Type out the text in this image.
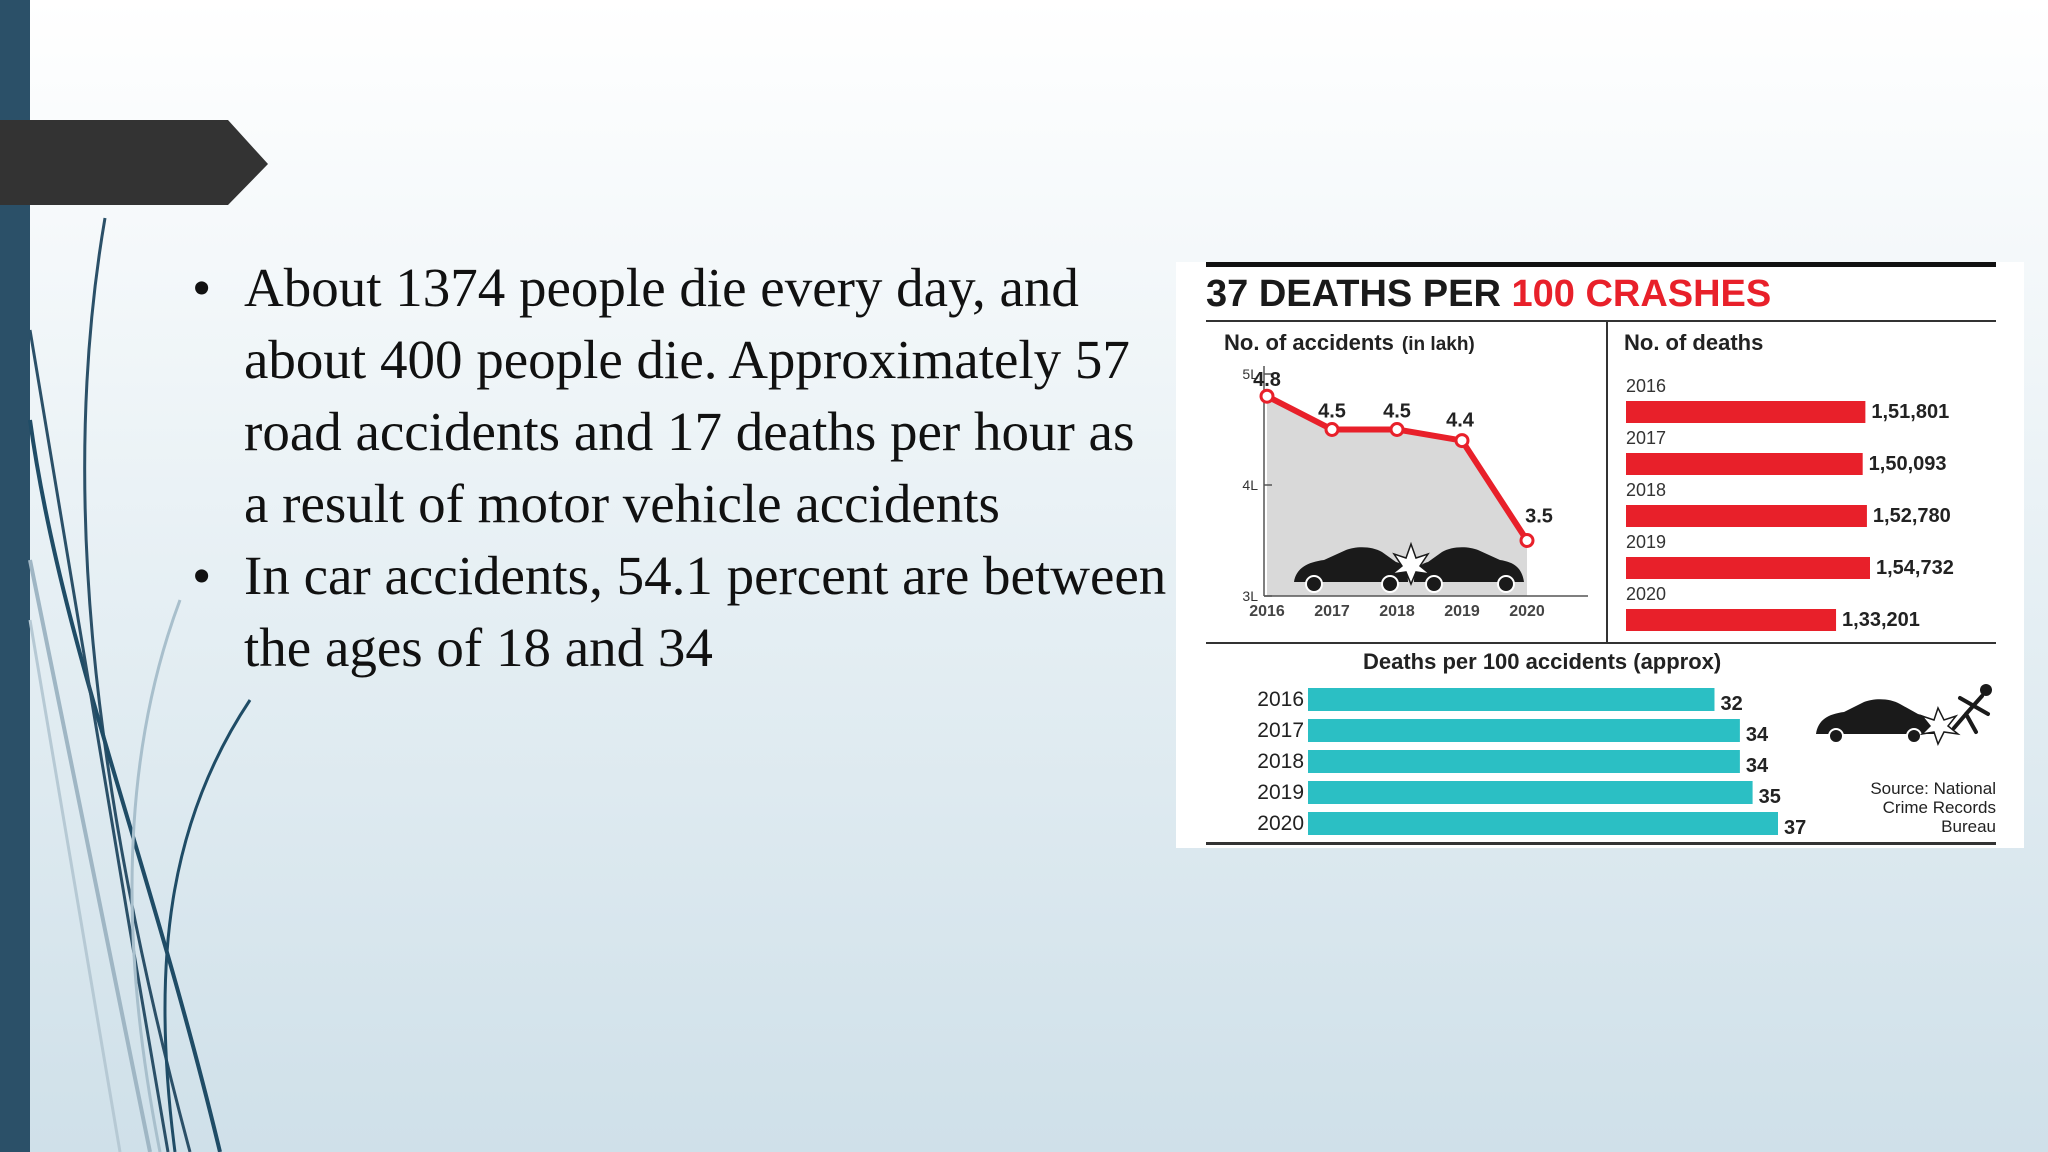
• About 1374 people die every day, and about 400 people die. Approximately 57 road accidents and 17 deaths per hour as a result of motor vehicle accidents
• In car accidents, 54.1 percent are between the ages of 18 and 34
37 DEATHS PER 100 CRASHES
No. of accidents (in lakh)	No. of deaths
Deaths per 100 accidents (approx)
5L
4L
3L
4.8
2016
4.5
2017
4.5
2018
4.4
2019
3.5
2020
2016
1,51,801
2017
1,50,093
2018
1,52,780
2019
1,54,732
2020
1,33,201
2016	32
2017	34
2018	34
2019	35
2020	37
Source: National
Crime Records
Bureau
